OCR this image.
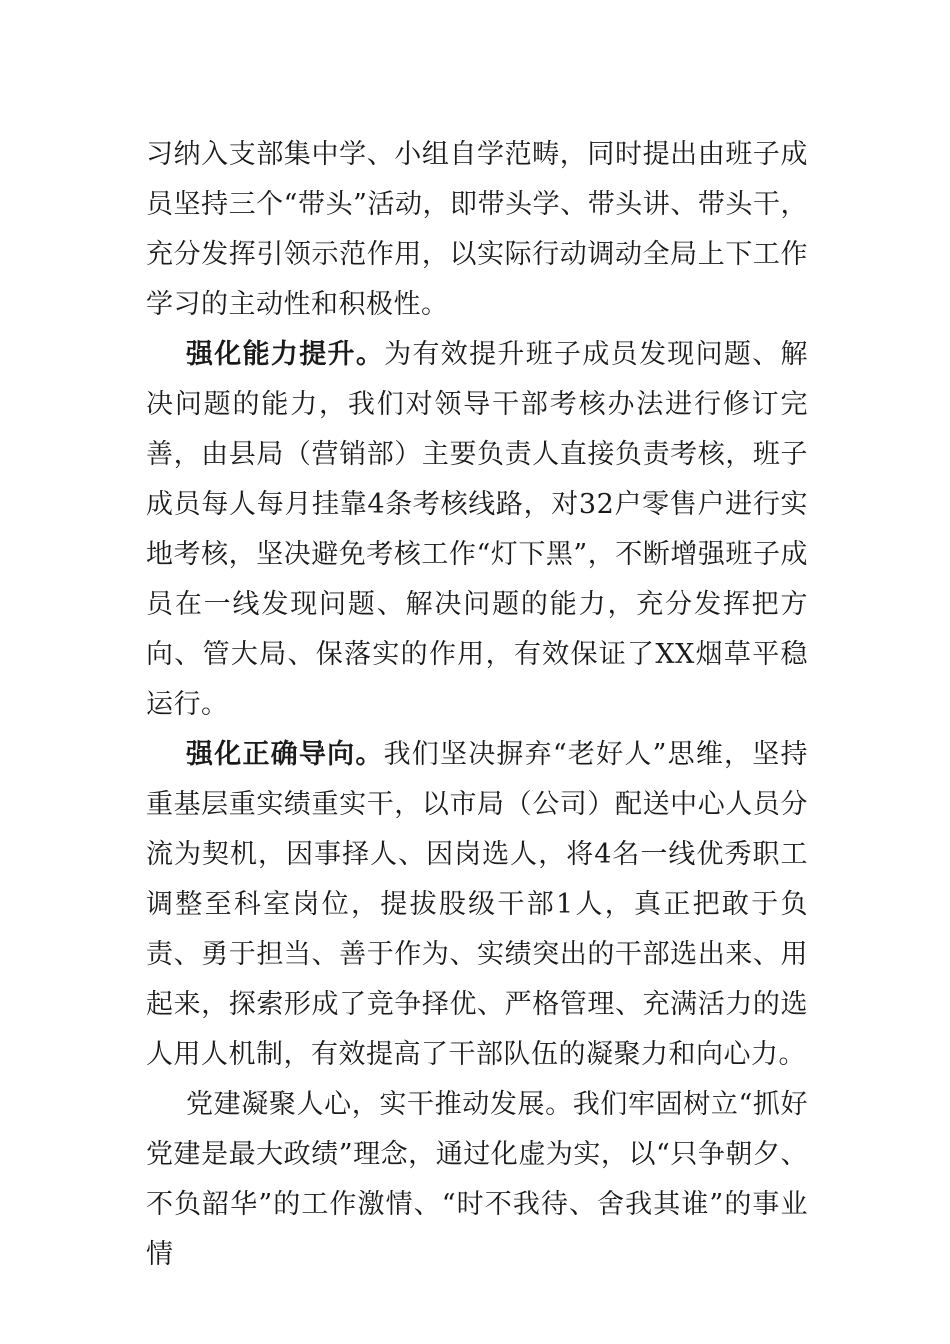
习纳入支部集中学、小组自学范畴，同时提出由班子成员坚持三个“带头”活动，即带头学、带头讲、带头干，充分发挥引领示范作用，以实际行动调动全局上下工作学习的主动性和积极性。

强化能力提升。为有效提升班子成员发现问题、解决问题的能力，我们对领导干部考核办法进行修订完善，由县局（营销部）主要负责人直接负责考核，班子成员每人每月挂靠4条考核线路，对32户零售户进行实地考核，坚决避免考核工作“灯下黑”，不断增强班子成员在一线发现问题、解决问题的能力，充分发挥把方向、管大局、保落实的作用，有效保证了XX烟草平稳运行。

强化正确导向。我们坚决摒弃“老好人”思维，坚持重基层重实绩重实干，以市局（公司）配送中心人员分流为契机，因事择人、因岗选人，将4名一线优秀职工调整至科室岗位，提拔股级干部1人，真正把敢于负责、勇于担当、善于作为、实绩突出的干部选出来、用起来，探索形成了竞争择优、严格管理、充满活力的选人用人机制，有效提高了干部队伍的凝聚力和向心力。

党建凝聚人心，实干推动发展。我们牢固树立“抓好党建是最大政绩”理念，通过化虚为实，以“只争朝夕、不负韶华”的工作激情、“时不我待、舍我其谁”的事业情
